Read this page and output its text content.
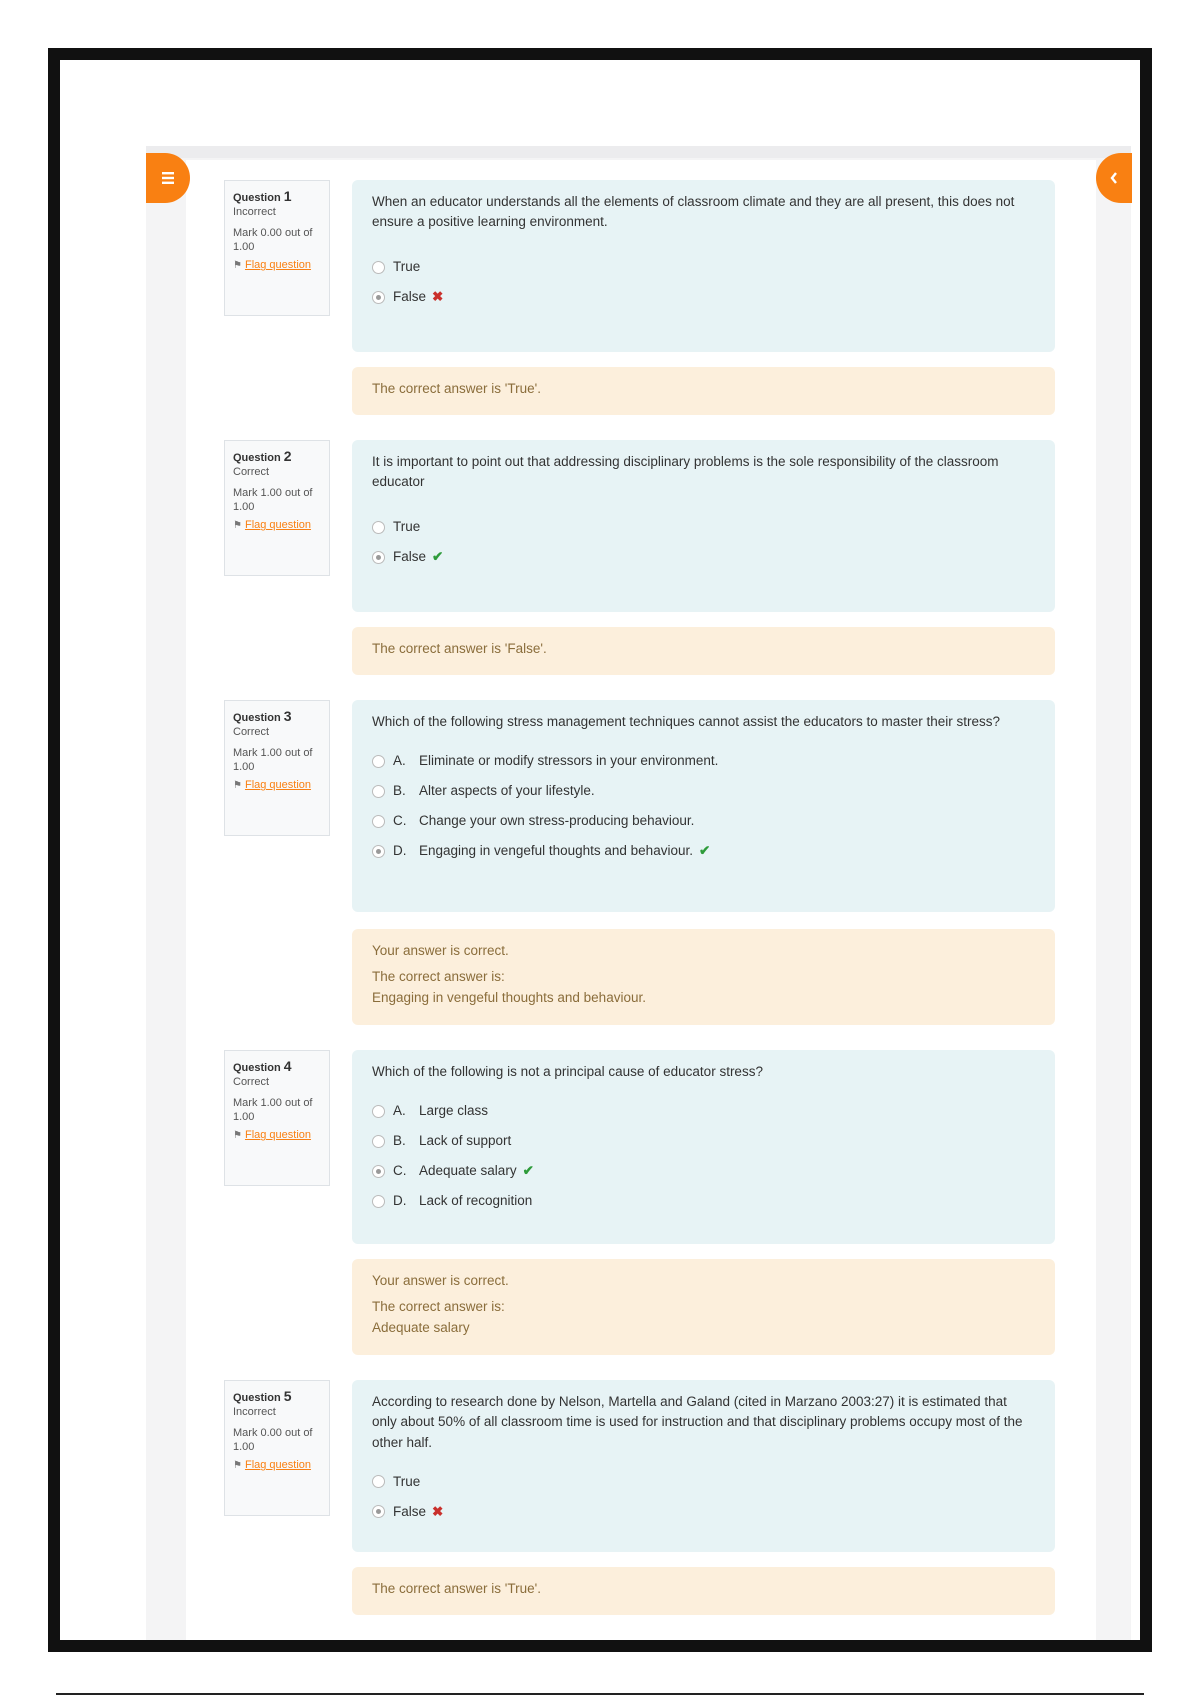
Question 1
Incorrect
Mark 0.00 out of 1.00
⚑ Flag question
When an educator understands all the elements of classroom climate and they are all present, this does not ensure a positive learning environment.
True
False ✖

The correct answer is 'True'.

Question 2
Correct
Mark 1.00 out of 1.00
⚑ Flag question
It is important to point out that addressing disciplinary problems is the sole responsibility of the classroom educator
True
False ✔

The correct answer is 'False'.

Question 3
Correct
Mark 1.00 out of 1.00
⚑ Flag question
Which of the following stress management techniques cannot assist the educators to master their stress?
A. Eliminate or modify stressors in your environment.
B. Alter aspects of your lifestyle.
C. Change your own stress-producing behaviour.
D. Engaging in vengeful thoughts and behaviour. ✔

Your answer is correct.

The correct answer is:

Engaging in vengeful thoughts and behaviour.

Question 4
Correct
Mark 1.00 out of 1.00
⚑ Flag question
Which of the following is not a principal cause of educator stress?
A. Large class
B. Lack of support
C. Adequate salary ✔
D. Lack of recognition

Your answer is correct.

The correct answer is:

Adequate salary

Question 5
Incorrect
Mark 0.00 out of 1.00
⚑ Flag question
According to research done by Nelson, Martella and Galand (cited in Marzano 2003:27) it is estimated that only about 50% of all classroom time is used for instruction and that disciplinary problems occupy most of the other half.
True
False ✖

The correct answer is 'True'.
